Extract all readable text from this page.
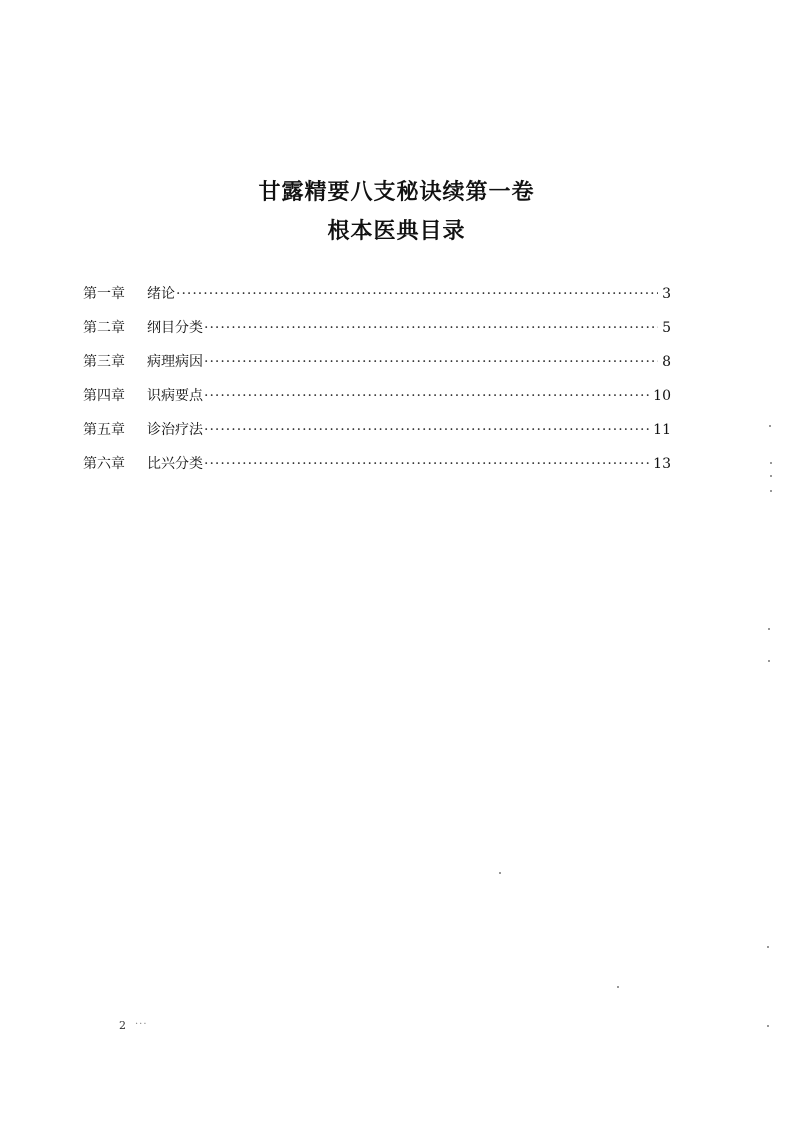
甘露精要八支秘诀续第一卷
根本医典目录
第一章	绪论 ·····	3
第二章	纲目分类 ·····	5
第三章	病理病因 ·····	8
第四章	识病要点 ·····	10
第五章	诊治疗法 ·····	11
第六章	比兴分类 ·····	13
2 ···
